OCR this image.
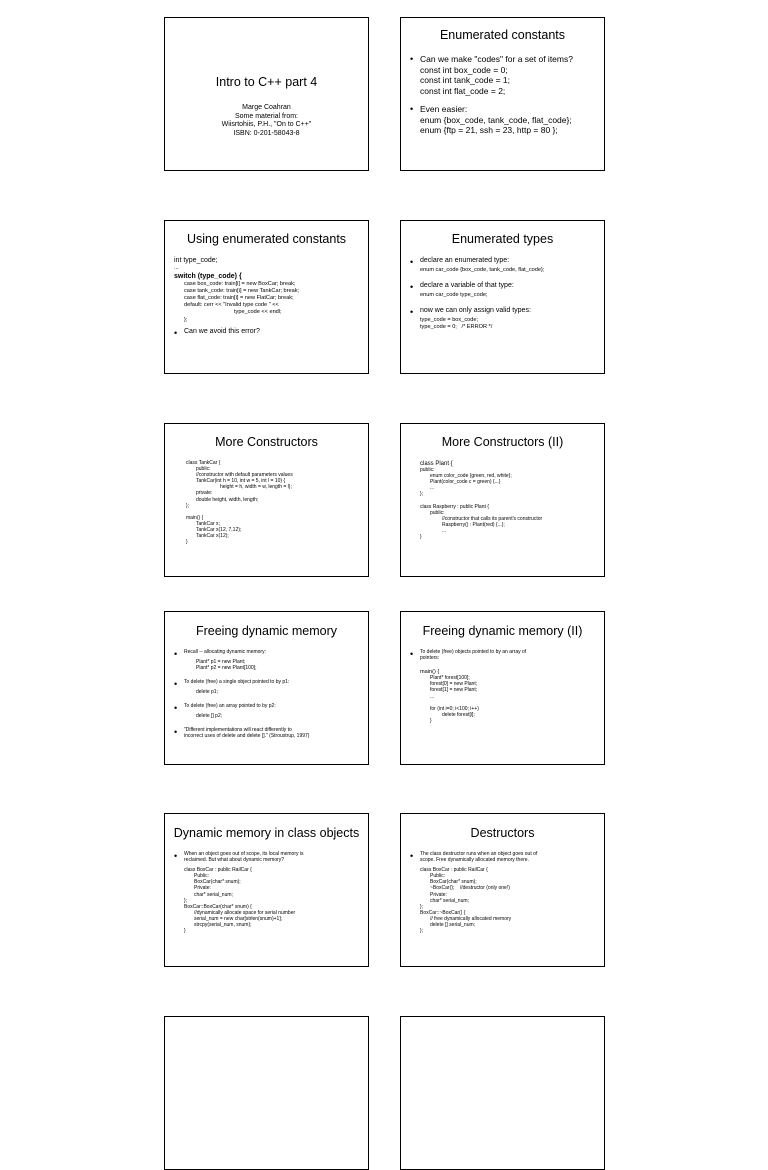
Intro to C++ part 4
Marge Coahran
Some material from:
Wiisrtohiis, P.H., "On to C++"
ISBN: 0-201-58043-8
Enumerated constants
• Can we make "codes" for a set of items?
const int box_code = 0;
const int tank_code = 1;
const int flat_code = 2;
• Even easier:
enum {box_code, tank_code, flat_code};
enum {ftp = 21, ssh = 23, http = 80 };
Using enumerated constants
int type_code;
...
switch (type_code) {
case box_code: train[i] = new BoxCar; break;
case tank_code: train[i] = new TankCar; break;
case flat_code: train[i] = new FlatCar; break;
default: cerr << "Invalid type code " <<
type_code << endl;
};
• Can we avoid this error?
Enumerated types
• declare an enumerated type:
enum car_code {box_code, tank_code, flat_code};
• declare a variable of that type:
enum car_code type_code;
• now we can only assign valid types:
type_code = box_code;
type_code = 0;   /* ERROR */
More Constructors
class TankCar {
public:
//constructor with default parameters values
TankCar(int h = 10, int w = 5, int l = 10) {
height = h, width = w, length = l};
private:
double height, width, length;
};

main() {
TankCar x;
TankCar x(12, 7,12);
TankCar x(12);
}
More Constructors (II)
class Plant {
public:
enum color_code {green, red, white};
Plant(color_code c = green) {...}
...
};

class Raspberry : public Plant {
public:
//constructor that calls its parent's constructor
Raspberry() : Plant(red) {...};
...
}
Freeing dynamic memory
•	Recall -- allocating dynamic memory:
Plant* p1 = new Plant;
Plant* p2 = new Plant[100];
•	To delete (free) a single object pointed to by p1:
delete p1;
•	To delete (free) an array pointed to by p2:
delete [] p2;
•	"Different implementations will react differently to
incorrect uses of delete and delete []." (Stroustrup, 1997)
Freeing dynamic memory (II)
•	To delete (free) objects pointed to by an array of
pointers:
main() {
Plant* forest[100];
forest[0] = new Plant;
forest[1] = new Plant;
...

for (int i=0; i<100; i++)
delete forest[i];
}
Dynamic memory in class objects
•	When an object goes out of scope, its local memory is
reclaimed. But what about dynamic memory?
class BoxCar : public RailCar {
Public:
BoxCar(char* snum);
Private:
char* serial_num;
};
BoxCar::BoxCar(char* snum) {
//dynamically allocate space for serial number
serial_num = new char[strlen(snum)+1];
strcpy(serial_num, snum);
}
Destructors
•	The class destructor runs when an object goes out of
scope. Free dynamically allocated memory there.
class BoxCar : public RailCar {
Public:
BoxCar(char* snum);
~BoxCar();    //destructor (only one!)
Private:
char* serial_num;
};
BoxCar::~BoxCar() {
// free dynamically allocated memory
delete [] serial_num;
};
